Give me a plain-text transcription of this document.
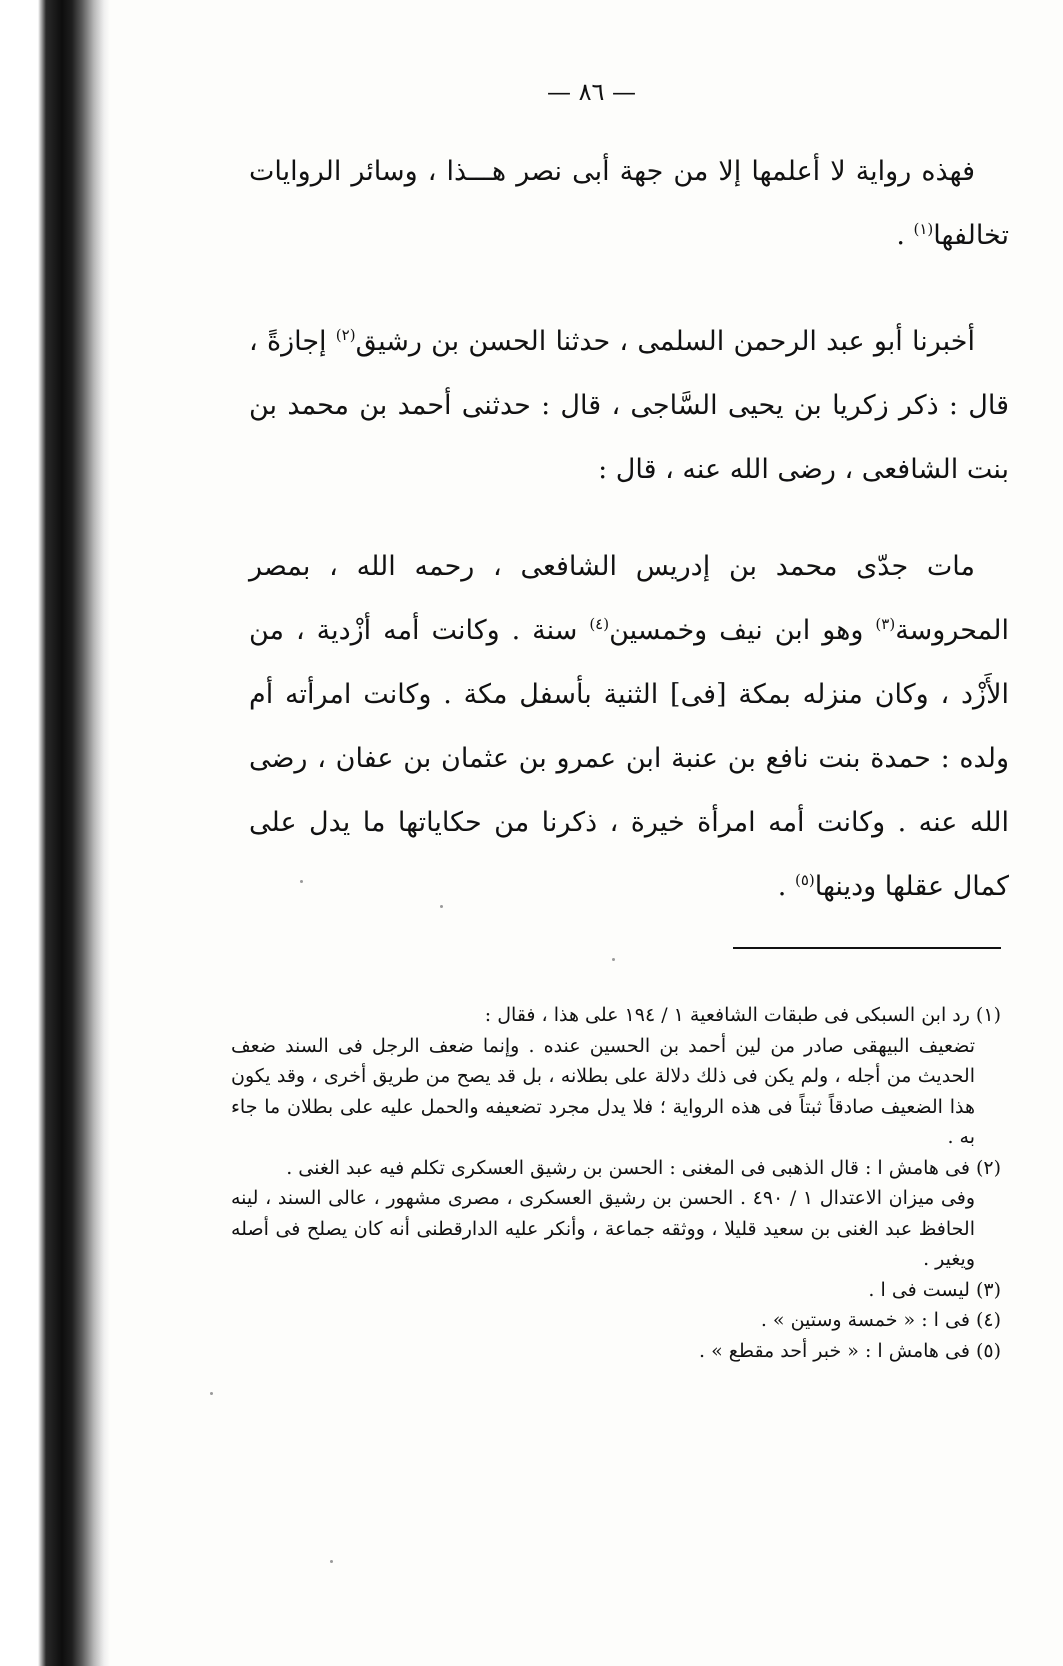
— ٨٦ —

فهذه رواية لا أعلمها إلا من جهة أبى نصر هـــذا ، وسائر الروايات تخالفها$^{(١)}$ .

أخبرنا أبو عبد الرحمن السلمى ، حدثنا الحسن بن رشيق$^{(٢)}$ إجازةً ، قال : ذكر زكريا بن يحيى السَّاجى ، قال : حدثنى أحمد بن محمد بن بنت الشافعى ، رضى الله عنه ، قال :

مات جدّى محمد بن إدريس الشافعى ، رحمه الله ، بمصر المحروسة$^{(٣)}$ وهو ابن نيف وخمسين$^{(٤)}$ سنة . وكانت أمه أزْدية ، من الأَزْد ، وكان منزله بمكة [فى] الثنية بأسفل مكة . وكانت امرأته أم ولده : حمدة بنت نافع بن عنبة ابن عمرو بن عثمان بن عفان ، رضى الله عنه . وكانت أمه امرأة خيرة ، ذكرنا من حكاياتها ما يدل على كمال عقلها ودينها$^{(٥)}$ .

(١) رد ابن السبكى فى طبقات الشافعية ١ / ١٩٤ على هذا ، فقال :

تضعيف البيهقى صادر من لين أحمد بن الحسين عنده . وإنما ضعف الرجل فى السند ضعف الحديث من أجله ، ولم يكن فى ذلك دلالة على بطلانه ، بل قد يصح من طريق أخرى ، وقد يكون هذا الضعيف صادقاً ثبتاً فى هذه الرواية ؛ فلا يدل مجرد تضعيفه والحمل عليه على بطلان ما جاء به .

(٢) فى هامش ا : قال الذهبى فى المغنى : الحسن بن رشيق العسكرى تكلم فيه عبد الغنى .

وفى ميزان الاعتدال ١ / ٤٩٠ . الحسن بن رشيق العسكرى ، مصرى مشهور ، عالى السند ، لينه الحافظ عبد الغنى بن سعيد قليلا ، ووثقه جماعة ، وأنكر عليه الدارقطنى أنه كان يصلح فى أصله ويغير .

(٣) ليست فى ا .

(٤) فى ا : « خمسة وستين » .

(٥) فى هامش ا : « خبر أحد مقطع » .
